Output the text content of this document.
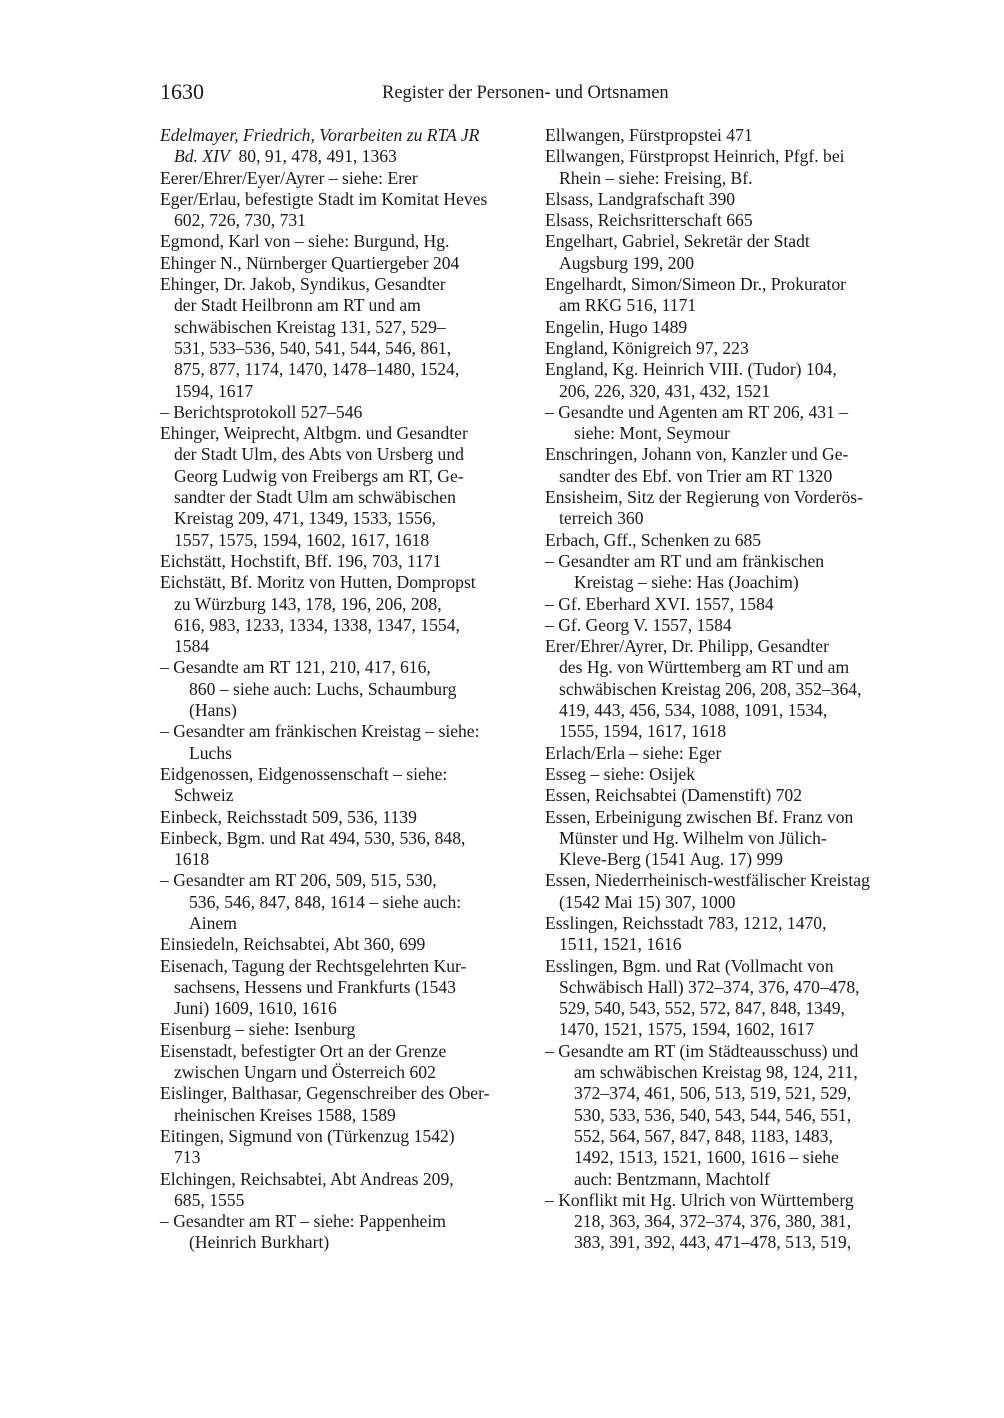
1630	Register der Personen- und Ortsnamen
Edelmayer, Friedrich, Vorarbeiten zu RTA JR
Bd. XIV  80, 91, 478, 491, 1363
Eerer/Ehrer/Eyer/Ayrer – siehe: Erer
Eger/Erlau, befestigte Stadt im Komitat Heves
602, 726, 730, 731
Egmond, Karl von – siehe: Burgund, Hg.
Ehinger N., Nürnberger Quartiergeber 204
Ehinger, Dr. Jakob, Syndikus, Gesandter
der Stadt Heilbronn am RT und am
schwäbischen Kreistag 131, 527, 529–
531, 533–536, 540, 541, 544, 546, 861,
875, 877, 1174, 1470, 1478–1480, 1524,
1594, 1617
– Berichtsprotokoll 527–546
Ehinger, Weiprecht, Altbgm. und Gesandter
der Stadt Ulm, des Abts von Ursberg und
Georg Ludwig von Freibergs am RT, Ge-
sandter der Stadt Ulm am schwäbischen
Kreistag 209, 471, 1349, 1533, 1556,
1557, 1575, 1594, 1602, 1617, 1618
Eichstätt, Hochstift, Bff. 196, 703, 1171
Eichstätt, Bf. Moritz von Hutten, Dompropst
zu Würzburg 143, 178, 196, 206, 208,
616, 983, 1233, 1334, 1338, 1347, 1554,
1584
– Gesandte am RT 121, 210, 417, 616,
860 – siehe auch: Luchs, Schaumburg
(Hans)
– Gesandter am fränkischen Kreistag – siehe:
Luchs
Eidgenossen, Eidgenossenschaft – siehe:
Schweiz
Einbeck, Reichsstadt 509, 536, 1139
Einbeck, Bgm. und Rat 494, 530, 536, 848,
1618
– Gesandter am RT 206, 509, 515, 530,
536, 546, 847, 848, 1614 – siehe auch:
Ainem
Einsiedeln, Reichsabtei, Abt 360, 699
Eisenach, Tagung der Rechtsgelehrten Kur-
sachsens, Hessens und Frankfurts (1543
Juni) 1609, 1610, 1616
Eisenburg – siehe: Isenburg
Eisenstadt, befestigter Ort an der Grenze
zwischen Ungarn und Österreich 602
Eislinger, Balthasar, Gegenschreiber des Ober-
rheinischen Kreises 1588, 1589
Eitingen, Sigmund von (Türkenzug 1542)
713
Elchingen, Reichsabtei, Abt Andreas 209,
685, 1555
– Gesandter am RT – siehe: Pappenheim
(Heinrich Burkhart)
Ellwangen, Fürstpropstei 471
Ellwangen, Fürstpropst Heinrich, Pfgf. bei
Rhein – siehe: Freising, Bf.
Elsass, Landgrafschaft 390
Elsass, Reichsritterschaft 665
Engelhart, Gabriel, Sekretär der Stadt
Augsburg 199, 200
Engelhardt, Simon/Simeon Dr., Prokurator
am RKG 516, 1171
Engelin, Hugo 1489
England, Königreich 97, 223
England, Kg. Heinrich VIII. (Tudor) 104,
206, 226, 320, 431, 432, 1521
– Gesandte und Agenten am RT 206, 431 –
siehe: Mont, Seymour
Enschringen, Johann von, Kanzler und Ge-
sandter des Ebf. von Trier am RT 1320
Ensisheim, Sitz der Regierung von Vorderös-
terreich 360
Erbach, Gff., Schenken zu 685
– Gesandter am RT und am fränkischen
Kreistag – siehe: Has (Joachim)
– Gf. Eberhard XVI. 1557, 1584
– Gf. Georg V. 1557, 1584
Erer/Ehrer/Ayrer, Dr. Philipp, Gesandter
des Hg. von Württemberg am RT und am
schwäbischen Kreistag 206, 208, 352–364,
419, 443, 456, 534, 1088, 1091, 1534,
1555, 1594, 1617, 1618
Erlach/Erla – siehe: Eger
Esseg – siehe: Osijek
Essen, Reichsabtei (Damenstift) 702
Essen, Erbeinigung zwischen Bf. Franz von
Münster und Hg. Wilhelm von Jülich-
Kleve-Berg (1541 Aug. 17) 999
Essen, Niederrheinisch-westfälischer Kreistag
(1542 Mai 15) 307, 1000
Esslingen, Reichsstadt 783, 1212, 1470,
1511, 1521, 1616
Esslingen, Bgm. und Rat (Vollmacht von
Schwäbisch Hall) 372–374, 376, 470–478,
529, 540, 543, 552, 572, 847, 848, 1349,
1470, 1521, 1575, 1594, 1602, 1617
– Gesandte am RT (im Städteausschuss) und
am schwäbischen Kreistag 98, 124, 211,
372–374, 461, 506, 513, 519, 521, 529,
530, 533, 536, 540, 543, 544, 546, 551,
552, 564, 567, 847, 848, 1183, 1483,
1492, 1513, 1521, 1600, 1616 – siehe
auch: Bentzmann, Machtolf
– Konflikt mit Hg. Ulrich von Württemberg
218, 363, 364, 372–374, 376, 380, 381,
383, 391, 392, 443, 471–478, 513, 519,
